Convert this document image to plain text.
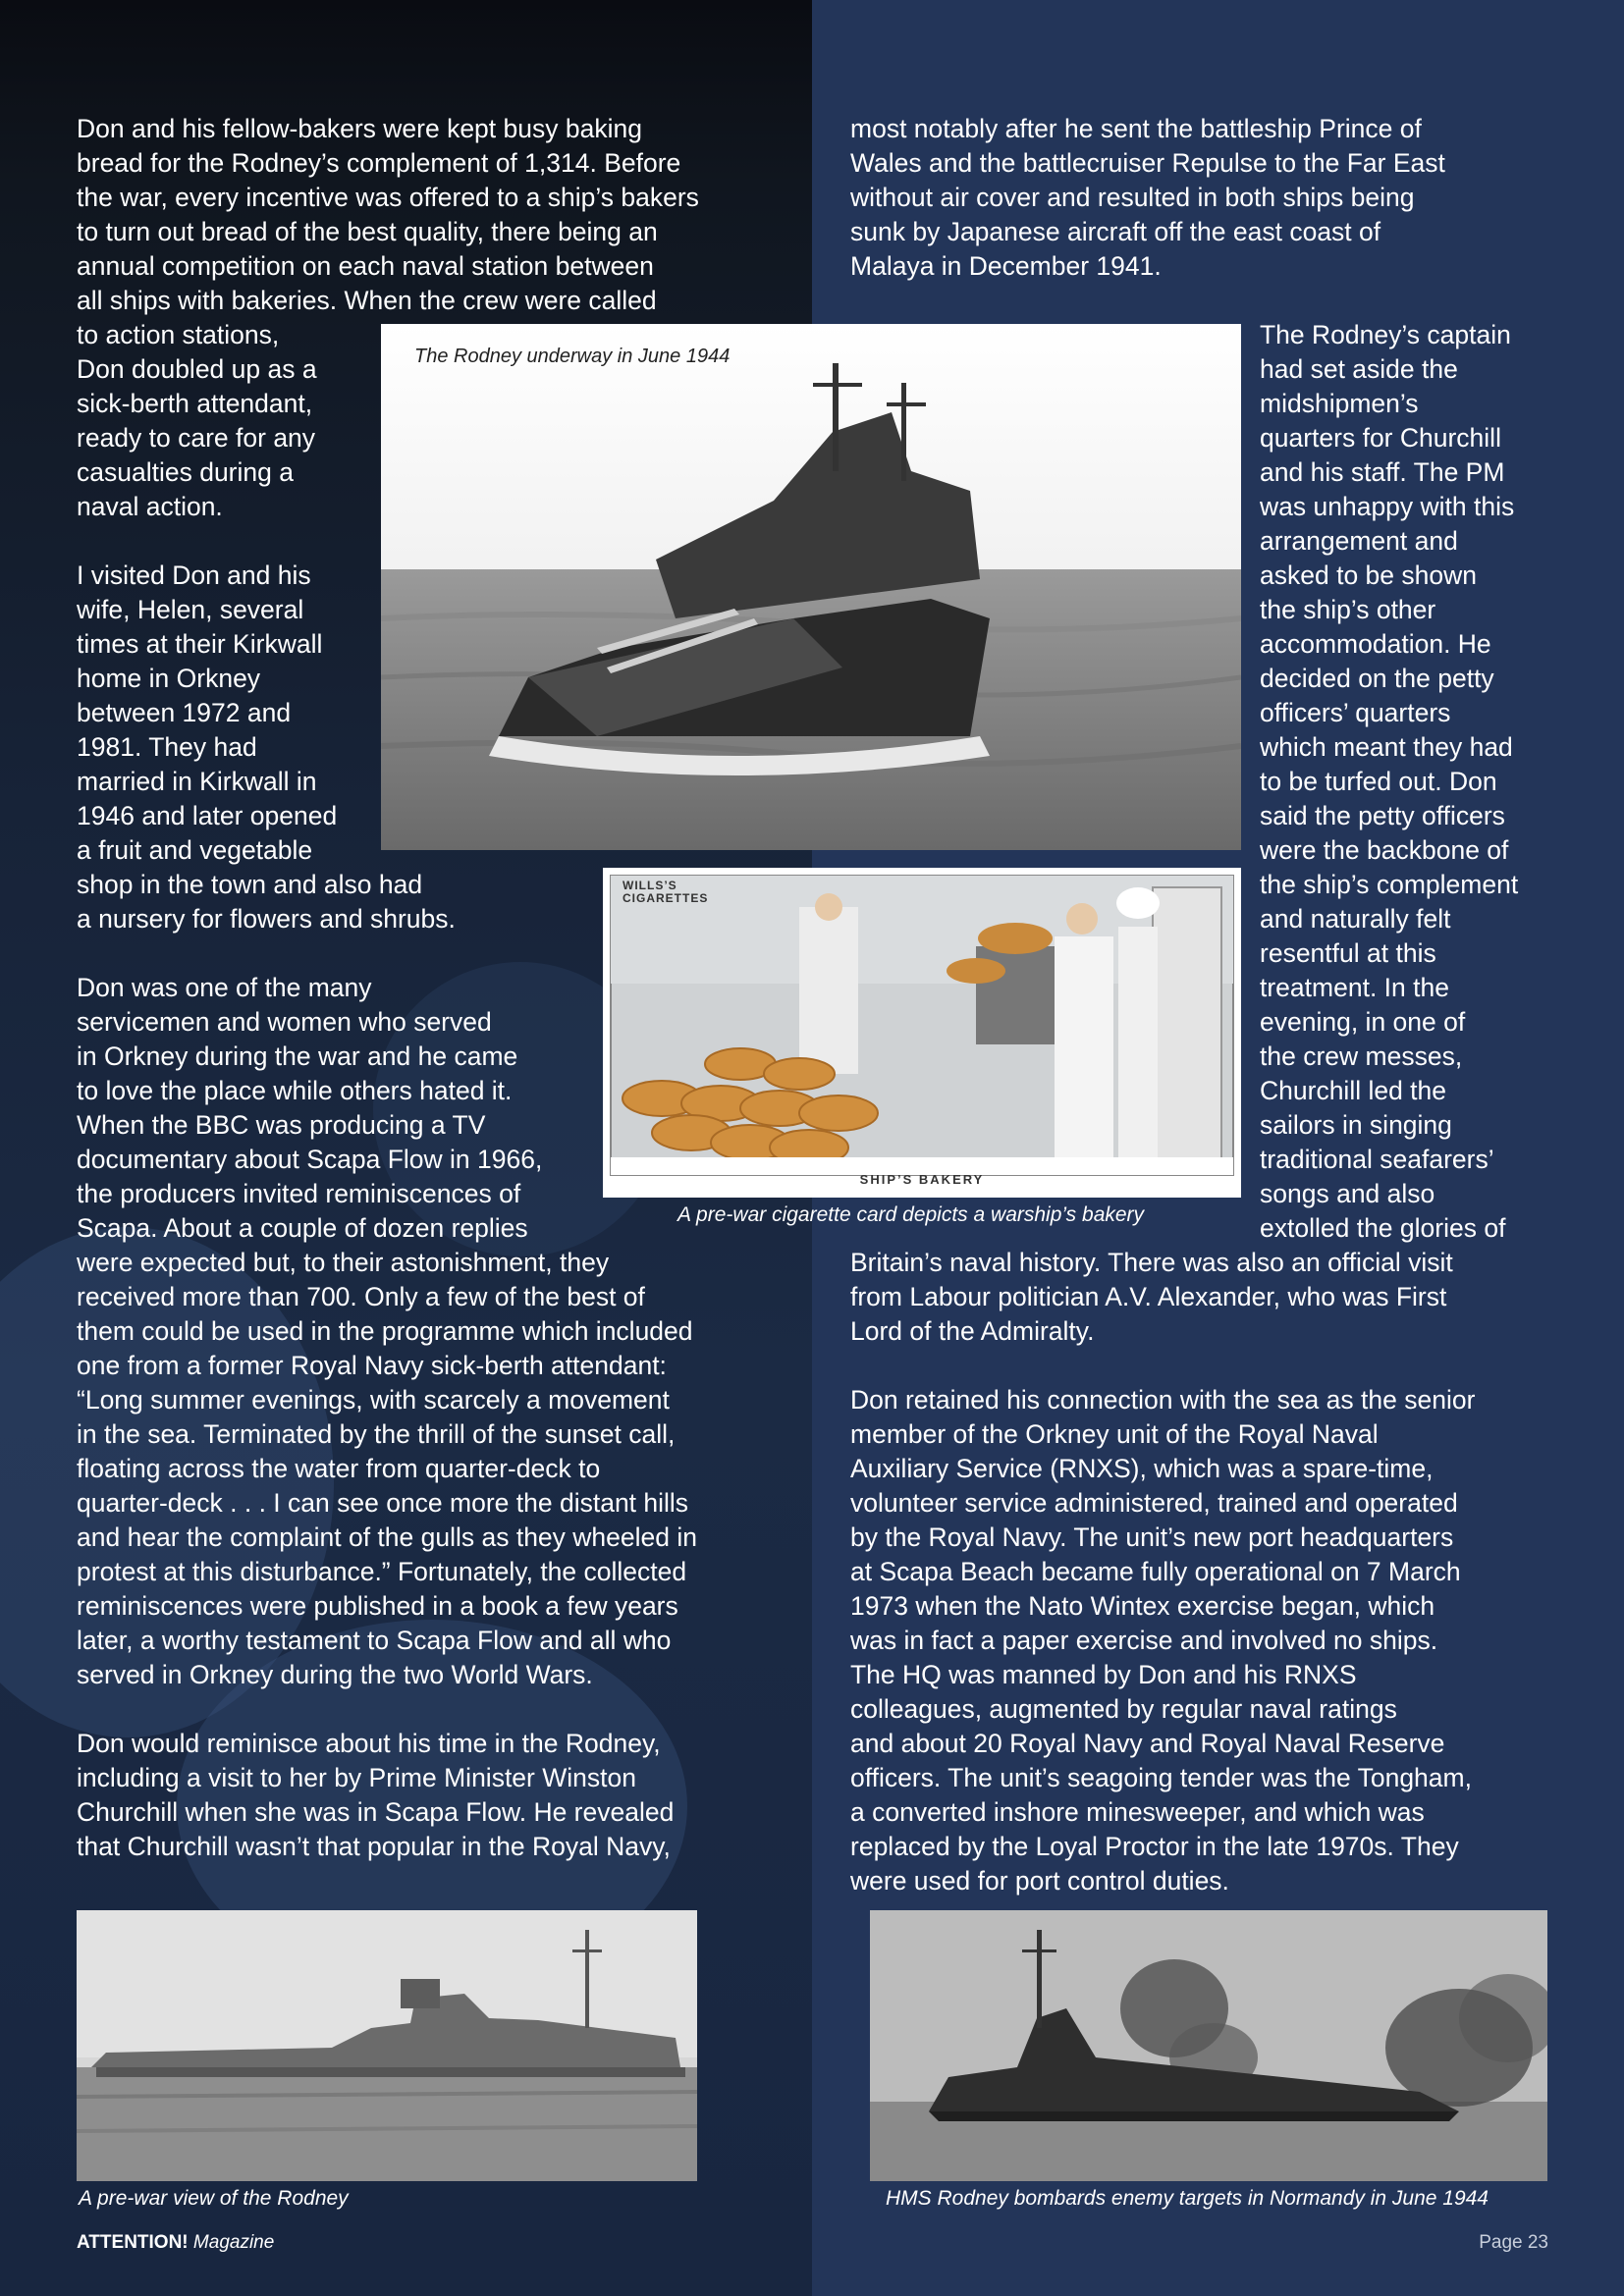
Don and his fellow-bakers were kept busy baking
bread for the Rodney’s complement of 1,314. Before
the war, every incentive was offered to a ship’s bakers
to turn out bread of the best quality, there being an
annual competition on each naval station between
all ships with bakeries. When the crew were called

to action stations,
Don doubled up as a
sick-berth attendant,
ready to care for any
casualties during a
naval action.

I visited Don and his
wife, Helen, several
times at their Kirkwall
home in Orkney
between 1972 and
1981. They had
married in Kirkwall in
1946 and later opened
a fruit and vegetable

shop in the town and also had
a nursery for flowers and shrubs.

Don was one of the many
servicemen and women who served
in Orkney during the war and he came
to love the place while others hated it.
When the BBC was producing a TV
documentary about Scapa Flow in 1966,
the producers invited reminiscences of
Scapa. About a couple of dozen replies

were expected but, to their astonishment, they
received more than 700. Only a few of the best of
them could be used in the programme which included
one from a former Royal Navy sick-berth attendant:
“Long summer evenings, with scarcely a movement
in the sea. Terminated by the thrill of the sunset call,
floating across the water from quarter-deck to
quarter-deck . . . I can see once more the distant hills
and hear the complaint of the gulls as they wheeled in
protest at this disturbance.” Fortunately, the collected
reminiscences were published in a book a few years
later, a worthy testament to Scapa Flow and all who
served in Orkney during the two World Wars.

Don would reminisce about his time in the Rodney,
including a visit to her by Prime Minister Winston
Churchill when she was in Scapa Flow. He revealed
that Churchill wasn’t that popular in the Royal Navy,

most notably after he sent the battleship Prince of
Wales and the battlecruiser Repulse to the Far East
without air cover and resulted in both ships being
sunk by Japanese aircraft off the east coast of
Malaya in December 1941.

The Rodney’s captain
had set aside the
midshipmen’s
quarters for Churchill
and his staff. The PM
was unhappy with this
arrangement and
asked to be shown
the ship’s other
accommodation. He
decided on the petty
officers’ quarters
which meant they had
to be turfed out. Don
said the petty officers
were the backbone of
the ship’s complement
and naturally felt
resentful at this
treatment. In the
evening, in one of
the crew messes,
Churchill led the
sailors in singing
traditional seafarers’
songs and also
extolled the glories of

Britain’s naval history. There was also an official visit
from Labour politician A.V. Alexander, who was First
Lord of the Admiralty.

Don retained his connection with the sea as the senior
member of the Orkney unit of the Royal Naval
Auxiliary Service (RNXS), which was a spare-time,
volunteer service administered, trained and operated
by the Royal Navy. The unit’s new port headquarters
at Scapa Beach became fully operational on 7 March
1973 when the Nato Wintex exercise began, which
was in fact a paper exercise and involved no ships.
The HQ was manned by Don and his RNXS
colleagues, augmented by regular naval ratings
and about 20 Royal Navy and Royal Naval Reserve
officers. The unit’s seagoing tender was the Tongham,
a converted inshore minesweeper, and which was
replaced by the Loyal Proctor in the late 1970s. They
were used for port control duties.

The Rodney underway in June 1944
WILLS’S
CIGARETTES
SHIP’S BAKERY
A pre-war cigarette card depicts a warship’s bakery
A pre-war view of the Rodney	HMS Rodney bombards enemy targets in Normandy in June 1944
ATTENTION! Magazine	Page 23
